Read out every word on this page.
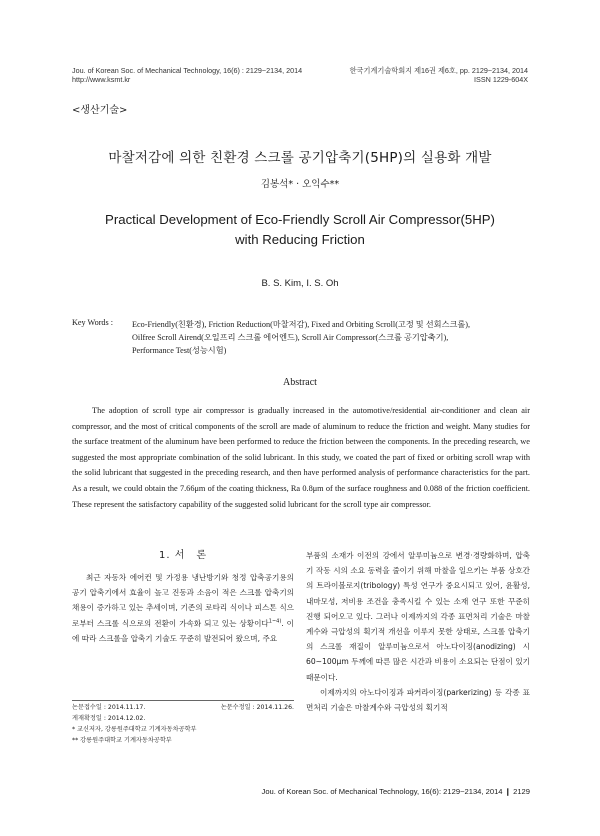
Jou. of Korean Soc. of Mechanical Technology, 16(6) : 2129~2134, 2014
http://www.ksmt.kr
한국기계기술학회지 제16권 제6호, pp. 2129~2134, 2014
ISSN 1229-604X
<생산기술>
마찰저감에 의한 친환경 스크롤 공기압축기(5HP)의 실용화 개발
김봉석* · 오익수**
Practical Development of Eco-Friendly Scroll Air Compressor(5HP)
with Reducing Friction
B. S. Kim, I. S. Oh
Key Words : Eco-Friendly(친환경), Friction Reduction(마찰저감), Fixed and Orbiting Scroll(고정 및 선회스크롤),
Oilfree Scroll Airend(오일프리 스크롤 에어엔드), Scroll Air Compressor(스크롤 공기압축기),
Performance Test(성능시험)
Abstract
The adoption of scroll type air compressor is gradually increased in the automotive/residential air-conditioner and clean air compressor, and the most of critical components of the scroll are made of aluminum to reduce the friction and weight. Many studies for the surface treatment of the aluminum have been performed to reduce the friction between the components. In the preceding research, we suggested the most appropriate combination of the solid lubricant. In this study, we coated the part of fixed or orbiting scroll wrap with the solid lubricant that suggested in the preceding research, and then have performed analysis of performance characteristics for the part. As a result, we could obtain the 7.66μm of the coating thickness, Ra 0.8μm of the surface roughness and 0.088 of the friction coefficient. These represent the satisfactory capability of the suggested solid lubricant for the scroll type air compressor.
1. 서　론

최근 자동차 에어컨 및 가정용 냉난방기와 청정 압축공기용의 공기 압축기에서 효율이 높고 진동과 소음이 적은 스크롤 압축기의 채용이 증가하고 있는 추세이며, 기존의 로타리 식이나 피스톤 식으로부터 스크롤 식으로의 전환이 가속화 되고 있는 상황이다$^{1\sim 4)}$. 이에 따라 스크롤을 압축기 기술도 꾸준히 발전되어 왔으며, 주요

논문접수일 : 2014.11.17.	논문수정일 : 2014.11.26.
게재확정일 : 2014.12.02.
* 교신저자, 강릉원주대학교 기계자동차공학부
** 강릉원주대학교 기계자동차공학부

부품의 소재가 이전의 강에서 알루미늄으로 변경·경량화하며, 압축기 작동 시의 소요 동력을 줄이기 위해 마찰을 일으키는 부품 상호간의 트라이볼로지(tribology) 특성 연구가 중요시되고 있어, 윤활성, 내마모성, 저비용 조건을 충족시킬 수 있는 소재 연구 또한 꾸준히 진행 되어오고 있다. 그러나 이제까지의 각종 표면처리 기술은 마찰계수와 극압성의 획기적 개선을 이루지 못한 상태로, 스크롤 압축기의 스크롤 재질이 알루미늄으로서 아노다이징(anodizing) 시 60~100μm 두께에 따른 많은 시간과 비용이 소요되는 단점이 있기 때문이다.

이제까지의 아노다이징과 파커라이징(parkerizing) 등 각종 표면처리 기술은 마찰계수와 극압성의 획기적

Jou. of Korean Soc. of Mechanical Technology, 16(6): 2129~2134, 2014 ❙ 2129
